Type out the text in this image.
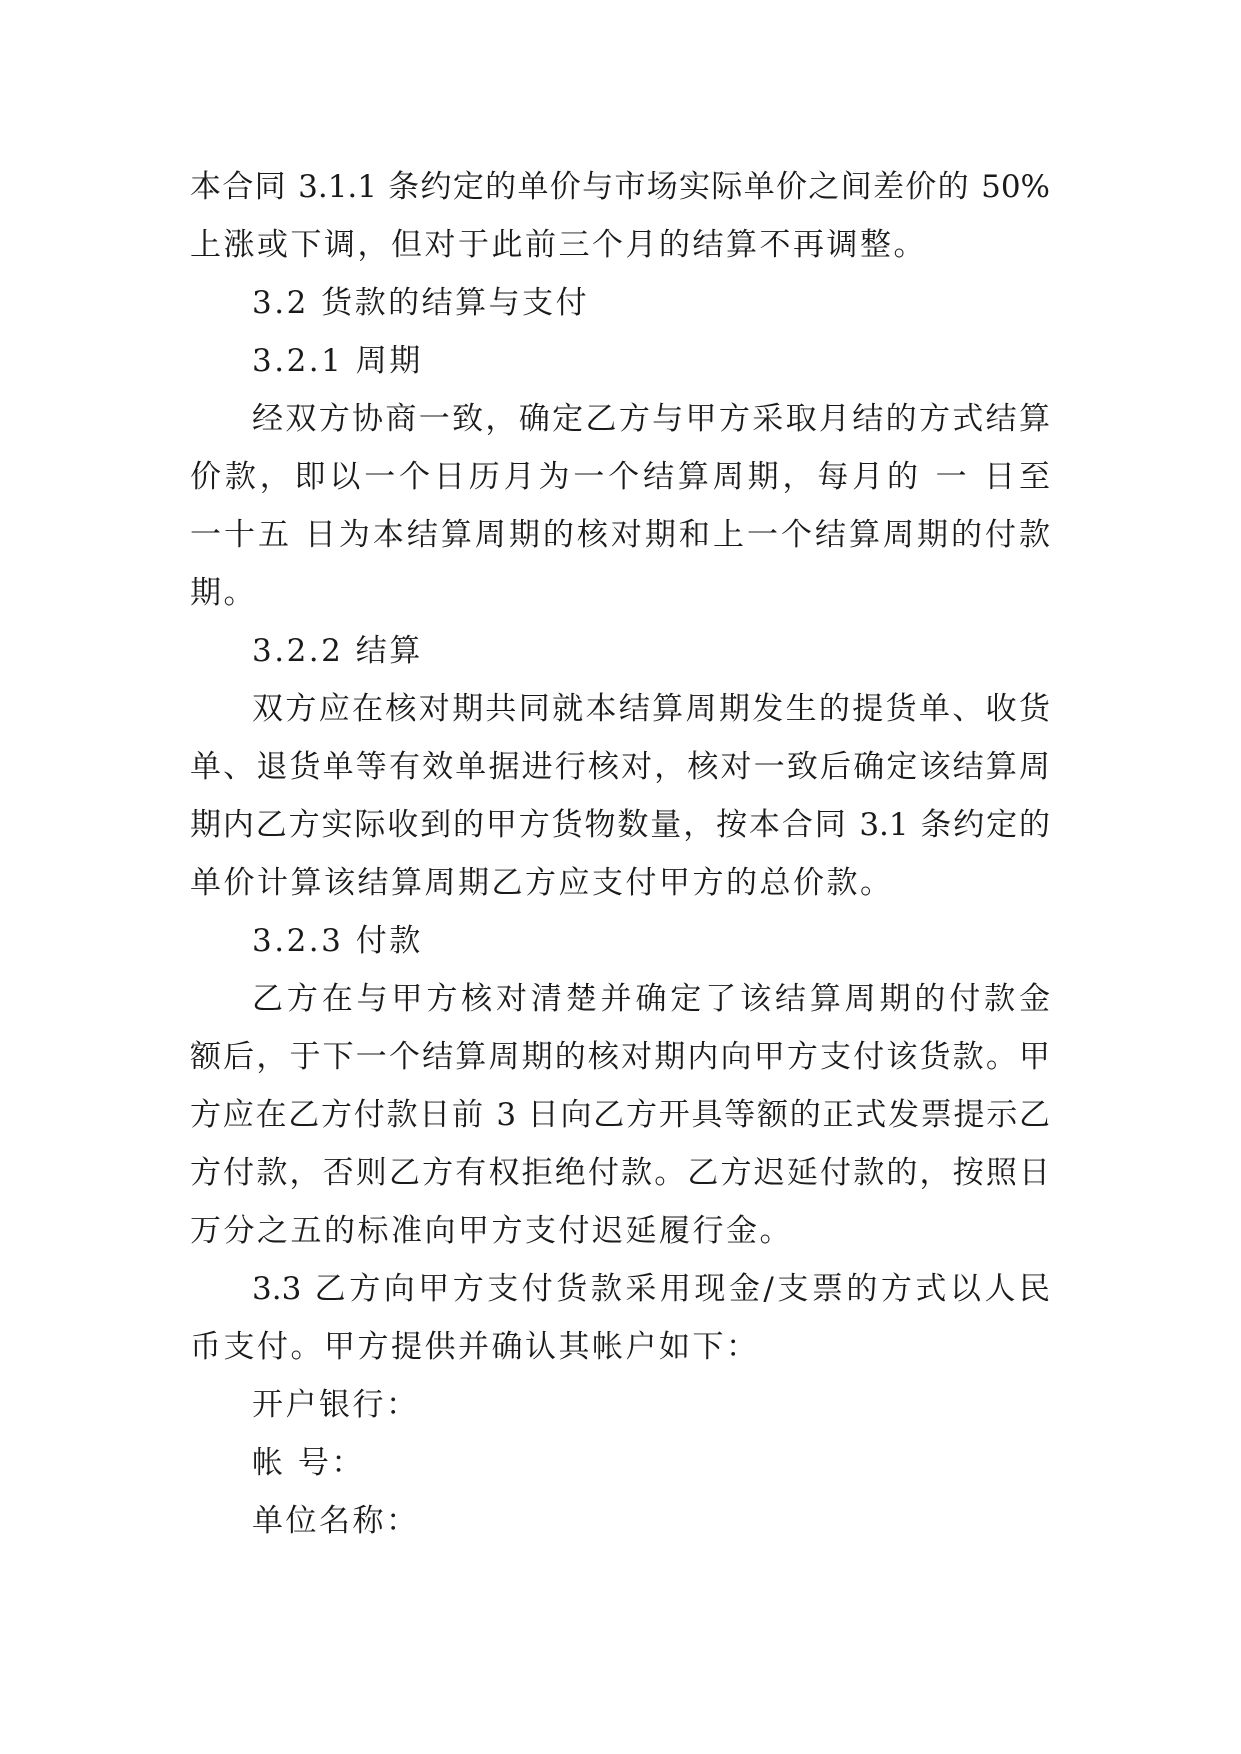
本合同 3.1.1 条约定的单价与市场实际单价之间差价的 50%
上涨或下调，但对于此前三个月的结算不再调整。
3.2 货款的结算与支付
3.2.1 周期
经双方协商一致，确定乙方与甲方采取月结的方式结算
价款，即以一个日历月为一个结算周期，每月的 一 日至
一十五 日为本结算周期的核对期和上一个结算周期的付款
期。
3.2.2 结算
双方应在核对期共同就本结算周期发生的提货单、收货
单、退货单等有效单据进行核对，核对一致后确定该结算周
期内乙方实际收到的甲方货物数量，按本合同 3.1 条约定的
单价计算该结算周期乙方应支付甲方的总价款。
3.2.3 付款
乙方在与甲方核对清楚并确定了该结算周期的付款金
额后，于下一个结算周期的核对期内向甲方支付该货款。甲
方应在乙方付款日前 3 日向乙方开具等额的正式发票提示乙
方付款，否则乙方有权拒绝付款。乙方迟延付款的，按照日
万分之五的标准向甲方支付迟延履行金。
3.3 乙方向甲方支付货款采用现金/支票的方式以人民
币支付。甲方提供并确认其帐户如下：
开户银行：
帐 号：
单位名称：
